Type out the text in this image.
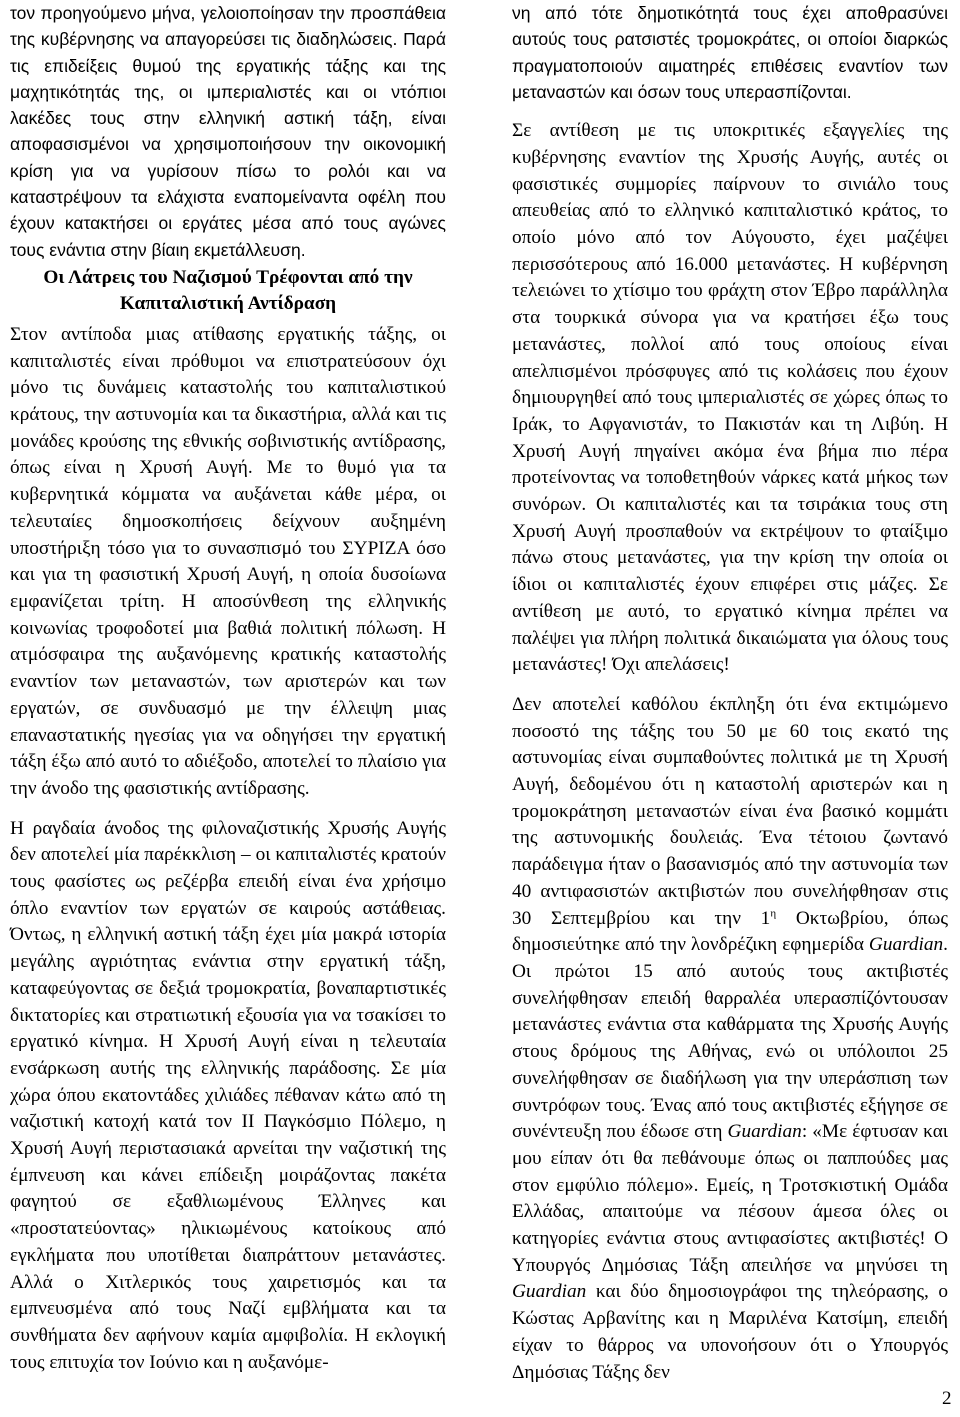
τον προηγούμενο μήνα, γελοιοποίησαν την προσπάθεια της κυβέρνησης να απαγορεύσει τις διαδηλώσεις. Παρά τις επιδείξεις θυμού της εργατικής τάξης και της μαχητικότητάς της, οι ιμπεριαλιστές και οι ντόπιοι λακέδες τους στην ελληνική αστική τάξη, είναι αποφασισμένοι να χρησιμοποιήσουν την οικονομική κρίση για να γυρίσουν πίσω το ρολόι και να καταστρέψουν τα ελάχιστα εναπομείναντα οφέλη που έχουν κατακτήσει οι εργάτες μέσα από τους αγώνες τους ενάντια στην βίαιη εκμετάλλευση.

Οι Λάτρεις του Ναζισμού Τρέφονται από την Καπιταλιστική Αντίδραση

Στον αντίποδα μιας ατίθασης εργατικής τάξης, οι καπιταλιστές είναι πρόθυμοι να επιστρατεύσουν όχι μόνο τις δυνάμεις καταστολής του καπιταλιστικού κράτους, την αστυνομία και τα δικαστήρια, αλλά και τις μονάδες κρούσης της εθνικής σοβινιστικής αντίδρασης, όπως είναι η Χρυσή Αυγή. Με το θυμό για τα κυβερνητικά κόμματα να αυξάνεται κάθε μέρα, οι τελευταίες δημοσκοπήσεις δείχνουν αυξημένη υποστήριξη τόσο για το συνασπισμό του ΣΥΡΙΖΑ όσο και για τη φασιστική Χρυσή Αυγή, η οποία δυσοίωνα εμφανίζεται τρίτη. Η αποσύνθεση της ελληνικής κοινωνίας τροφοδοτεί μια βαθιά πολιτική πόλωση. Η ατμόσφαιρα της αυξανόμενης κρατικής καταστολής εναντίον των μεταναστών, των αριστερών και των εργατών, σε συνδυασμό με την έλλειψη μιας επαναστατικής ηγεσίας για να οδηγήσει την εργατική τάξη έξω από αυτό το αδιέξοδο, αποτελεί το πλαίσιο για την άνοδο της φασιστικής αντίδρασης.

Η ραγδαία άνοδος της φιλοναζιστικής Χρυσής Αυγής δεν αποτελεί μία παρέκκλιση – οι καπιταλιστές κρατούν τους φασίστες ως ρεζέρβα επειδή είναι ένα χρήσιμο όπλο εναντίον των εργατών σε καιρούς αστάθειας. Όντως, η ελληνική αστική τάξη έχει μία μακρά ιστορία μεγάλης αγριότητας ενάντια στην εργατική τάξη, καταφεύγοντας σε δεξιά τρομοκρατία, βοναπαρτιστικές δικτατορίες και στρατιωτική εξουσία για να τσακίσει το εργατικό κίνημα. Η Χρυσή Αυγή είναι η τελευταία ενσάρκωση αυτής της ελληνικής παράδοσης. Σε μία χώρα όπου εκατοντάδες χιλιάδες πέθαναν κάτω από τη ναζιστική κατοχή κατά τον ΙΙ Παγκόσμιο Πόλεμο, η Χρυσή Αυγή περιστασιακά αρνείται την ναζιστική της έμπνευση και κάνει επίδειξη μοιράζοντας πακέτα φαγητού σε εξαθλιωμένους Έλληνες και «προστατεύοντας» ηλικιωμένους κατοίκους από εγκλήματα που υποτίθεται διαπράττουν μετανάστες. Αλλά ο Χιτλερικός τους χαιρετισμός και τα εμπνευσμένα από τους Ναζί εμβλήματα και τα συνθήματα δεν αφήνουν καμία αμφιβολία. Η εκλογική τους επιτυχία τον Ιούνιο και η αυξανόμε-

νη από τότε δημοτικότητά τους έχει αποθρασύνει αυτούς τους ρατσιστές τρομοκράτες, οι οποίοι διαρκώς πραγματοποιούν αιματηρές επιθέσεις εναντίον των μεταναστών και όσων τους υπερασπίζονται.

Σε αντίθεση με τις υποκριτικές εξαγγελίες της κυβέρνησης εναντίον της Χρυσής Αυγής, αυτές οι φασιστικές συμμορίες παίρνουν το σινιάλο τους απευθείας από το ελληνικό καπιταλιστικό κράτος, το οποίο μόνο από τον Αύγουστο, έχει μαζέψει περισσότερους από 16.000 μετανάστες. Η κυβέρνηση τελειώνει το χτίσιμο του φράχτη στον Έβρο παράλληλα στα τουρκικά σύνορα για να κρατήσει έξω τους μετανάστες, πολλοί από τους οποίους είναι απελπισμένοι πρόσφυγες από τις κολάσεις που έχουν δημιουργηθεί από τους ιμπεριαλιστές σε χώρες όπως το Ιράκ, το Αφγανιστάν, το Πακιστάν και τη Λιβύη. Η Χρυσή Αυγή πηγαίνει ακόμα ένα βήμα πιο πέρα προτείνοντας να τοποθετηθούν νάρκες κατά μήκος των συνόρων. Οι καπιταλιστές και τα τσιράκια τους στη Χρυσή Αυγή προσπαθούν να εκτρέψουν το φταίξιμο πάνω στους μετανάστες, για την κρίση την οποία οι ίδιοι οι καπιταλιστές έχουν επιφέρει στις μάζες. Σε αντίθεση με αυτό, το εργατικό κίνημα πρέπει να παλέψει για πλήρη πολιτικά δικαιώματα για όλους τους μετανάστες! Όχι απελάσεις!

Δεν αποτελεί καθόλου έκπληξη ότι ένα εκτιμώμενο ποσοστό της τάξης του 50 με 60 τοις εκατό της αστυνομίας είναι συμπαθούντες πολιτικά με τη Χρυσή Αυγή, δεδομένου ότι η καταστολή αριστερών και η τρομοκράτηση μεταναστών είναι ένα βασικό κομμάτι της αστυνομικής δουλειάς. Ένα τέτοιου ζωντανό παράδειγμα ήταν ο βασανισμός από την αστυνομία των 40 αντιφασιστών ακτιβιστών που συνελήφθησαν στις 30 Σεπτεμβρίου και την $1^\eta$ Οκτωβρίου, όπως δημοσιεύτηκε από την λονδρέζικη εφημερίδα Guardian. Οι πρώτοι 15 από αυτούς τους ακτιβιστές συνελήφθησαν επειδή θαρραλέα υπερασπίζόντουσαν μετανάστες ενάντια στα καθάρματα της Χρυσής Αυγής στους δρόμους της Αθήνας, ενώ οι υπόλοιποι 25 συνελήφθησαν σε διαδήλωση για την υπεράσπιση των συντρόφων τους. Ένας από τους ακτιβιστές εξήγησε σε συνέντευξη που έδωσε στη Guardian: «Με έφτυσαν και μου είπαν ότι θα πεθάνουμε όπως οι παππούδες μας στον εμφύλιο πόλεμο». Εμείς, η Τροτσκιστική Ομάδα Ελλάδας, απαιτούμε να πέσουν άμεσα όλες οι κατηγορίες ενάντια στους αντιφασίστες ακτιβιστές! Ο Υπουργός Δημόσιας Τάξη απειλήσε να μηνύσει τη Guardian και δύο δημοσιογράφοι της τηλεόρασης, ο Κώστας Αρβανίτης και η Μαριλένα Κατσίμη, επειδή είχαν το θάρρος να υπονοήσουν ότι ο Υπουργός Δημόσιας Τάξης δεν

2
